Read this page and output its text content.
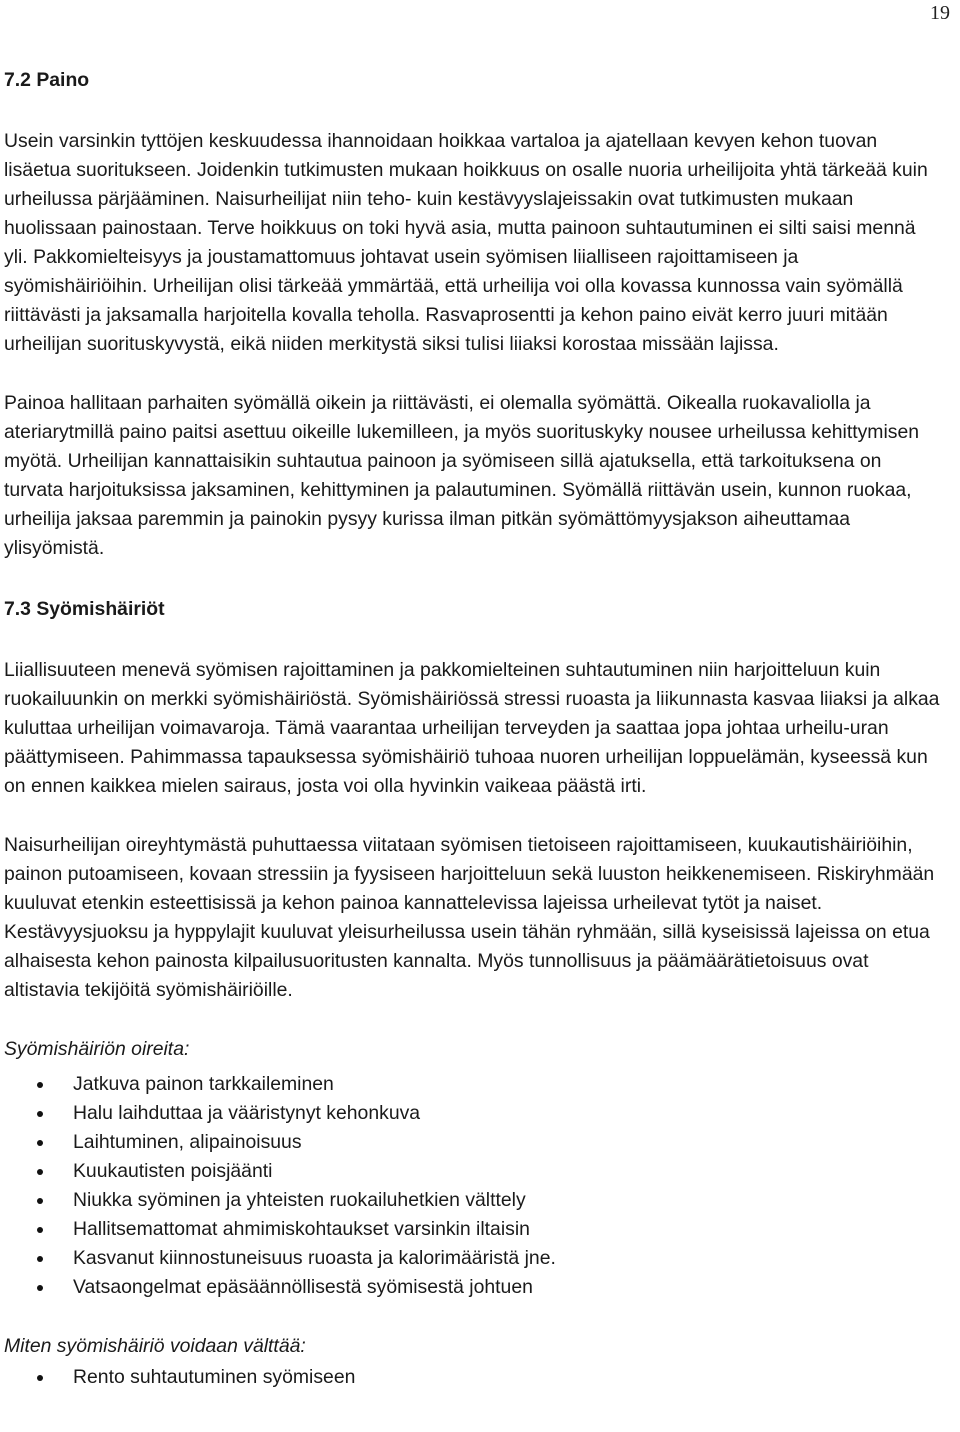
19
7.2 Paino

Usein varsinkin tyttöjen keskuudessa ihannoidaan hoikkaa vartaloa ja ajatellaan kevyen kehon tuovan lisäetua suoritukseen. Joidenkin tutkimusten mukaan hoikkuus on osalle nuoria urheilijoita yhtä tärkeää kuin urheilussa pärjääminen. Naisurheilijat niin teho- kuin kestävyyslajeissakin ovat tutkimusten mukaan huolissaan painostaan. Terve hoikkuus on toki hyvä asia, mutta painoon suhtautuminen ei silti saisi mennä yli. Pakkomielteisyys ja joustamattomuus johtavat usein syömisen liialliseen rajoittamiseen ja syömishäiriöihin. Urheilijan olisi tärkeää ymmärtää, että urheilija voi olla kovassa kunnossa vain syömällä riittävästi ja jaksamalla harjoitella kovalla teholla. Rasvaprosentti ja kehon paino eivät kerro juuri mitään urheilijan suorituskyvystä, eikä niiden merkitystä siksi tulisi liiaksi korostaa missään lajissa.

Painoa hallitaan parhaiten syömällä oikein ja riittävästi, ei olemalla syömättä. Oikealla ruokavaliolla ja ateriarytmillä paino paitsi asettuu oikeille lukemilleen, ja myös suorituskyky nousee urheilussa kehittymisen myötä. Urheilijan kannattaisikin suhtautua painoon ja syömiseen sillä ajatuksella, että tarkoituksena on turvata harjoituksissa jaksaminen, kehittyminen ja palautuminen. Syömällä riittävän usein, kunnon ruokaa, urheilija jaksaa paremmin ja painokin pysyy kurissa ilman pitkän syömättömyysjakson aiheuttamaa ylisyömistä.

7.3 Syömishäiriöt

Liiallisuuteen menevä syömisen rajoittaminen ja pakkomielteinen suhtautuminen niin harjoitteluun kuin ruokailuunkin on merkki syömishäiriöstä. Syömishäiriössä stressi ruoasta ja liikunnasta kasvaa liiaksi ja alkaa kuluttaa urheilijan voimavaroja. Tämä vaarantaa urheilijan terveyden ja saattaa jopa johtaa urheilu-uran päättymiseen. Pahimmassa tapauksessa syömishäiriö tuhoaa nuoren urheilijan loppuelämän, kyseessä kun on ennen kaikkea mielen sairaus, josta voi olla hyvinkin vaikeaa päästä irti.

Naisurheilijan oireyhtymästä puhuttaessa viitataan syömisen tietoiseen rajoittamiseen, kuukautishäiriöihin, painon putoamiseen, kovaan stressiin ja fyysiseen harjoitteluun sekä luuston heikkenemiseen. Riskiryhmään kuuluvat etenkin esteettisissä ja kehon painoa kannattelevissa lajeissa urheilevat tytöt ja naiset. Kestävyysjuoksu ja hyppylajit kuuluvat yleisurheilussa usein tähän ryhmään, sillä kyseisissä lajeissa on etua alhaisesta kehon painosta kilpailusuoritusten kannalta. Myös tunnollisuus ja päämäärätietoisuus ovat altistavia tekijöitä syömishäiriöille.

Syömishäiriön oireita:

Jatkuva painon tarkkaileminen
Halu laihduttaa ja vääristynyt kehonkuva
Laihtuminen, alipainoisuus
Kuukautisten poisjäänti
Niukka syöminen ja yhteisten ruokailuhetkien välttely
Hallitsemattomat ahmimiskohtaukset varsinkin iltaisin
Kasvanut kiinnostuneisuus ruoasta ja kalorimääristä jne.
Vatsaongelmat epäsäännöllisestä syömisestä johtuen

Miten syömishäiriö voidaan välttää:

Rento suhtautuminen syömiseen
